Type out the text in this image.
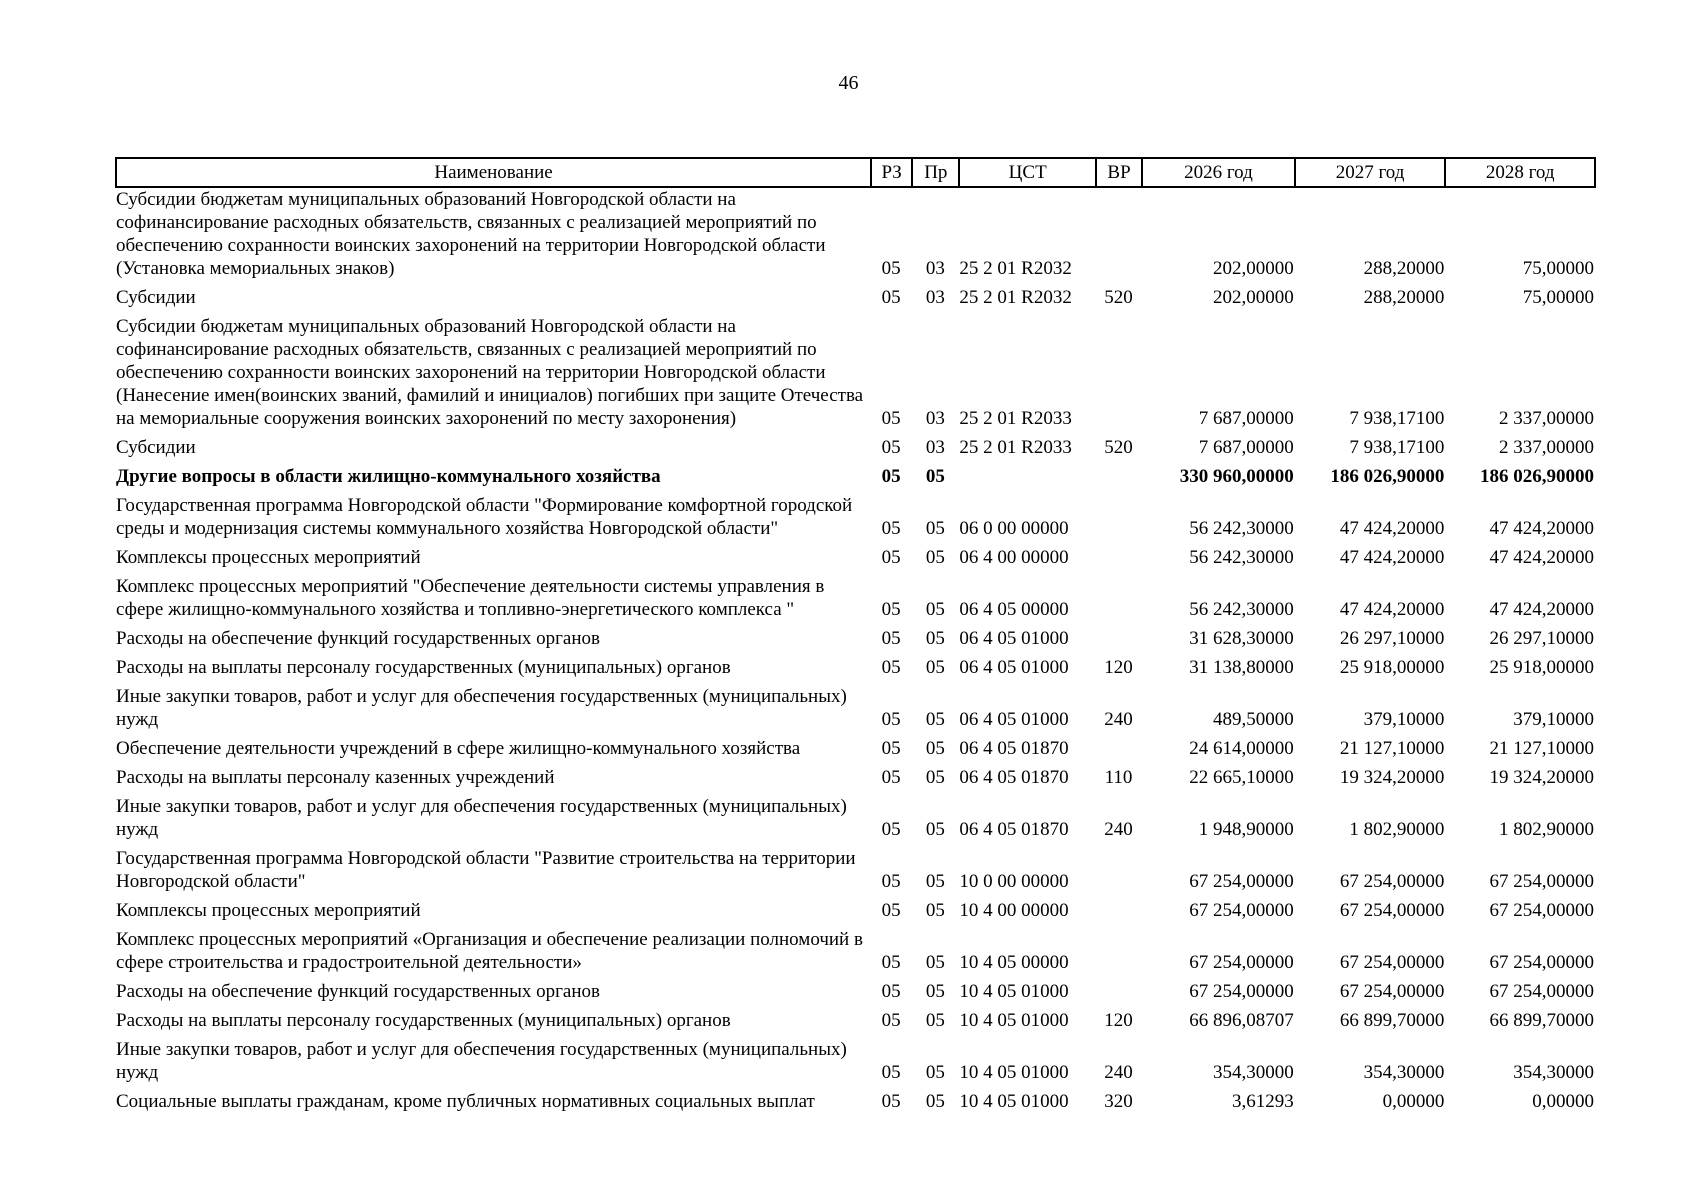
46
Наименование	РЗ	Пр	ЦСТ	ВР	2026 год	2027 год	2028 год
Субсидии бюджетам муниципальных образований Новгородской области на софинансирование расходных обязательств, связанных с реализацией мероприятий по обеспечению сохранности воинских захоронений на территории Новгородской области (Установка мемориальных знаков)	05	03	25 2 01 R2032		202,00000	288,20000	75,00000
Субсидии	05	03	25 2 01 R2032	520	202,00000	288,20000	75,00000
Субсидии бюджетам муниципальных образований Новгородской области на софинансирование расходных обязательств, связанных с реализацией мероприятий по обеспечению сохранности воинских захоронений на территории Новгородской области (Нанесение имен(воинских званий, фамилий и инициалов) погибших при защите Отечества на мемориальные сооружения воинских захоронений по месту захоронения)	05	03	25 2 01 R2033		7 687,00000	7 938,17100	2 337,00000
Субсидии	05	03	25 2 01 R2033	520	7 687,00000	7 938,17100	2 337,00000
Другие вопросы в области жилищно-коммунального хозяйства	05	05			330 960,00000	186 026,90000	186 026,90000
Государственная программа Новгородской области "Формирование комфортной городской среды и модернизация системы коммунального хозяйства Новгородской области"	05	05	06 0 00 00000		56 242,30000	47 424,20000	47 424,20000
Комплексы процессных мероприятий	05	05	06 4 00 00000		56 242,30000	47 424,20000	47 424,20000
Комплекс процессных мероприятий "Обеспечение деятельности системы управления в сфере жилищно-коммунального хозяйства и топливно-энергетического комплекса "	05	05	06 4 05 00000		56 242,30000	47 424,20000	47 424,20000
Расходы на обеспечение функций государственных органов	05	05	06 4 05 01000		31 628,30000	26 297,10000	26 297,10000
Расходы на выплаты персоналу государственных (муниципальных) органов	05	05	06 4 05 01000	120	31 138,80000	25 918,00000	25 918,00000
Иные закупки товаров, работ и услуг для обеспечения государственных (муниципальных) нужд	05	05	06 4 05 01000	240	489,50000	379,10000	379,10000
Обеспечение деятельности учреждений в сфере жилищно-коммунального хозяйства	05	05	06 4 05 01870		24 614,00000	21 127,10000	21 127,10000
Расходы на выплаты персоналу казенных учреждений	05	05	06 4 05 01870	110	22 665,10000	19 324,20000	19 324,20000
Иные закупки товаров, работ и услуг для обеспечения государственных (муниципальных) нужд	05	05	06 4 05 01870	240	1 948,90000	1 802,90000	1 802,90000
Государственная программа Новгородской области "Развитие строительства на территории Новгородской области"	05	05	10 0 00 00000		67 254,00000	67 254,00000	67 254,00000
Комплексы процессных мероприятий	05	05	10 4 00 00000		67 254,00000	67 254,00000	67 254,00000
Комплекс процессных мероприятий «Организация и обеспечение реализации полномочий в сфере строительства и градостроительной деятельности»	05	05	10 4 05 00000		67 254,00000	67 254,00000	67 254,00000
Расходы на обеспечение функций государственных органов	05	05	10 4 05 01000		67 254,00000	67 254,00000	67 254,00000
Расходы на выплаты персоналу государственных (муниципальных) органов	05	05	10 4 05 01000	120	66 896,08707	66 899,70000	66 899,70000
Иные закупки товаров, работ и услуг для обеспечения государственных (муниципальных) нужд	05	05	10 4 05 01000	240	354,30000	354,30000	354,30000
Социальные выплаты гражданам, кроме публичных нормативных социальных выплат	05	05	10 4 05 01000	320	3,61293	0,00000	0,00000
